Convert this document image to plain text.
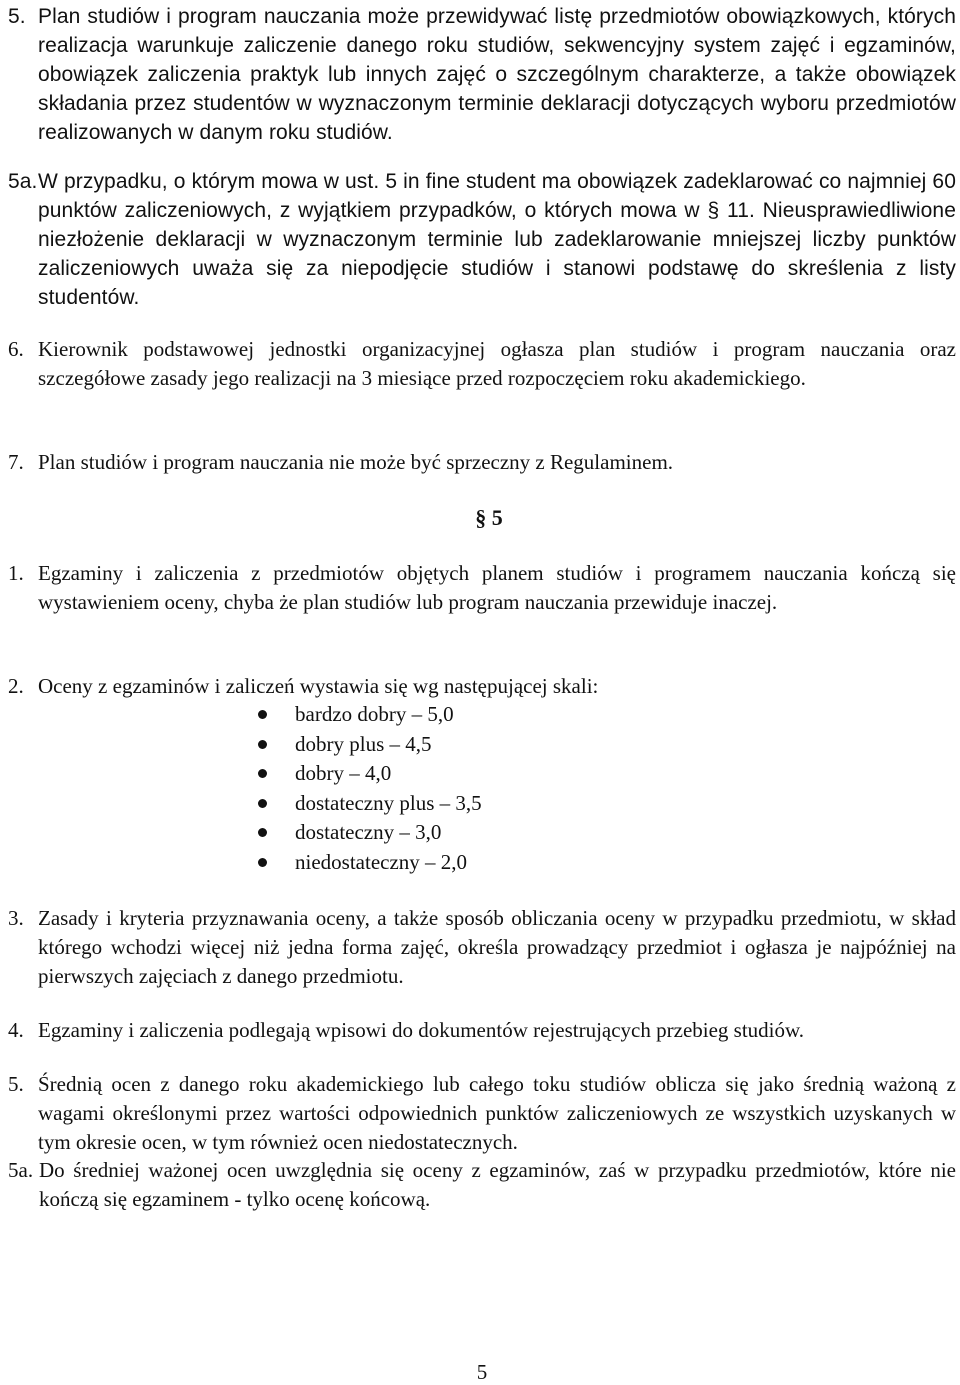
5. Plan studiów i program nauczania może przewidywać listę przedmiotów obowiązkowych, których realizacja warunkuje zaliczenie danego roku studiów, sekwencyjny system zajęć i egzaminów, obowiązek zaliczenia praktyk lub innych zajęć o szczególnym charakterze, a także obowiązek składania przez studentów w wyznaczonym terminie deklaracji dotyczących wyboru przedmiotów realizowanych w danym roku studiów.
5a. W przypadku, o którym mowa w ust. 5 in fine student ma obowiązek zadeklarować co najmniej 60 punktów zaliczeniowych, z wyjątkiem przypadków, o których mowa w § 11. Nieusprawiedliwione niezłożenie deklaracji w wyznaczonym terminie lub zadeklarowanie mniejszej liczby punktów zaliczeniowych uważa się za niepodjęcie studiów i stanowi podstawę do skreślenia z listy studentów.
6. Kierownik podstawowej jednostki organizacyjnej ogłasza plan studiów i program nauczania oraz szczegółowe zasady jego realizacji na 3 miesiące przed rozpoczęciem roku akademickiego.
7. Plan studiów i program nauczania nie może być sprzeczny z Regulaminem.
§ 5
1. Egzaminy i zaliczenia z przedmiotów objętych planem studiów i programem nauczania kończą się wystawieniem oceny, chyba że plan studiów lub program nauczania przewiduje inaczej.
2. Oceny z egzaminów i zaliczeń wystawia się wg następującej skali:
bardzo dobry – 5,0
dobry plus – 4,5
dobry – 4,0
dostateczny plus – 3,5
dostateczny – 3,0
niedostateczny – 2,0
3. Zasady i kryteria przyznawania oceny, a także sposób obliczania oceny w przypadku przedmiotu, w skład którego wchodzi więcej niż jedna forma zajęć, określa prowadzący przedmiot i ogłasza je najpóźniej na pierwszych zajęciach z danego przedmiotu.
4. Egzaminy i zaliczenia podlegają wpisowi do dokumentów rejestrujących przebieg studiów.
5. Średnią ocen z danego roku akademickiego lub całego toku studiów oblicza się jako średnią ważoną z wagami określonymi przez wartości odpowiednich punktów zaliczeniowych ze wszystkich uzyskanych w tym okresie ocen, w tym również ocen niedostatecznych.
5a. Do średniej ważonej ocen uwzględnia się oceny z egzaminów, zaś w przypadku przedmiotów, które nie kończą się egzaminem - tylko ocenę końcową.
5
